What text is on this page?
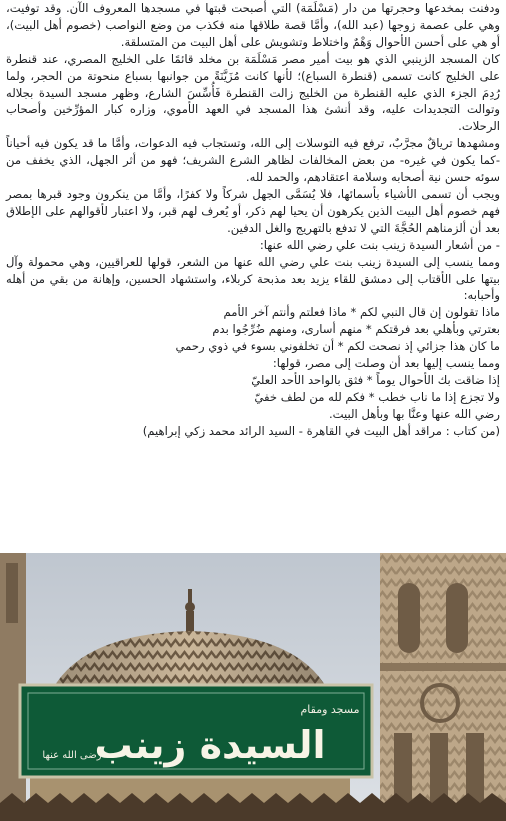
ودفنت بمخدعها وحجرتها من دار (مَسْلَمَة) التي أصبحت قبتها في مسجدها المعروف الآن. وقد توفيت، وهي على عصمة زوجها (عبد الله)، وأمَّا قصة طلاقها منه فكذب من وضع النواصب (خصوم أهل البيت)، أو هي على أحسن الأحوال وَهْمٌ واختلاط وتشويش على أهل البيت من المتسلقة.

كان المسجد الزينبي الذي هو بيت أمير مصر مَسْلَمَة بن مخلد قائمًا على الخليج المصري، عند قنطرة على الخليج كانت تسمى (قنطرة السباع)؛ لأنها كانت مُزَيَّنَةً من جوانبها بسباع منحوتة من الحجر، ولما رُدِمَ الجزء الذي عليه القنطرة من الخليج زالت القنطرة فَأُسِّسَ الشارع، وظهر مسجد السيدة بجلاله وتوالت التجديدات عليه، وقد أنشئ هذا المسجد في العهد الأموي، وزاره كبار المؤرِّخين وأصحاب الرحلات.

ومشهدها ترياقٌ مجرَّبٌ، ترفع فيه التوسلات إلى الله، وتستجاب فيه الدعوات، وأمَّا ما قد يكون فيه أحياناً -كما يكون في غيره- من بعض المخالفات لظاهر الشرع الشريف؛ فهو من أثر الجهل، الذي يخفف من سوئه حسن نية أصحابه وسلامة اعتقادهم، والحمد لله.

ويجب أن تسمى الأشياء بأسمائها، فلا يُسَمَّى الجهل شركاً ولا كفرًا، وأمَّا من ينكرون وجود قبرها بمصر فهم خصوم أهل البيت الذين يكرهون أن يحيا لهم ذكر، أو يُعرف لهم قبر، ولا اعتبار لأقوالهم على الإطلاق بعد أن ألزمناهم الحُجَّةَ التي لا تدفع بالتهريج والغل الدفين.

- من أشعار السيدة زينب بنت علي رضي الله عنها:

ومما ينسب إلى السيدة زينب بنت علي رضي الله عنها من الشعر، قولها للعراقيين، وهي محمولة وآل بيتها على الأقتاب إلى دمشق للقاء يزيد بعد مذبحة كربلاء، واستشهاد الحسين، وإهانة من بقي من أهله وأحبابه:

ماذا تقولون إن قال النبي لكم * ماذا فعلتم وأنتم آخر الأمم

بعترتي وبأهلي بعد فرقتكم * منهم أسارى، ومنهم ضُرِّجُوا بدم

ما كان هذا جزائي إذ نصحت لكم * أن تخلفوني بسوء في ذوي رحمي

ومما ينسب إليها بعد أن وصلت إلى مصر، قولها:

إذا ضاقت بك الأحوال يوماً * فثق بالواحد الأحد العليّ

ولا تجزع إذا ما ناب خطب * فكم لله من لطف خفيّ

رضي الله عنها وعنَّا بها وبأهل البيت.

(من كتاب : مراقد أهل البيت في القاهرة - السيد الرائد محمد زكي إبراهيم)

مسجد ومقام
السيدة زينب
رضى الله عنها
